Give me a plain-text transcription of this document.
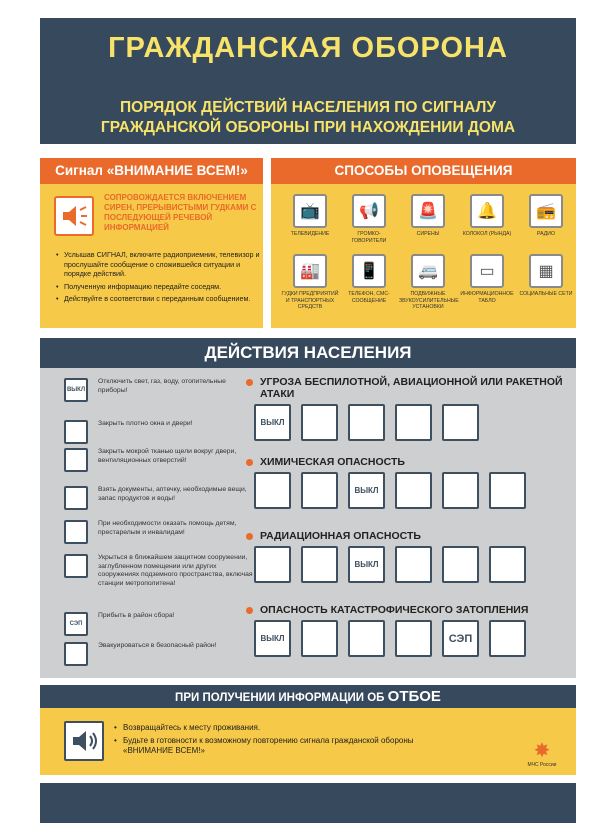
ГРАЖДАНСКАЯ ОБОРОНА
ПОРЯДОК ДЕЙСТВИЙ НАСЕЛЕНИЯ ПО СИГНАЛУ
ГРАЖДАНСКОЙ ОБОРОНЫ ПРИ НАХОЖДЕНИИ ДОМА
Сигнал «ВНИМАНИЕ ВСЕМ!»
СОПРОВОЖДАЕТСЯ ВКЛЮЧЕНИЕМ СИРЕН, ПРЕРЫВИСТЫМИ ГУДКАМИ С ПОСЛЕДУЮЩЕЙ РЕЧЕВОЙ ИНФОРМАЦИЕЙ
• Услышав СИГНАЛ, включите радиоприемник, телевизор и прослушайте сообщение о сложившейся ситуации и порядке действий.
• Полученную информацию передайте соседям.
• Действуйте в соответствии с переданным сообщением.
СПОСОБЫ ОПОВЕЩЕНИЯ
📺
ТЕЛЕВИДЕНИЕ
📢
ГРОМКО-ГОВОРИТЕЛИ
🚨
СИРЕНЫ
🔔
КОЛОКОЛ (РЫНДА)
📻
РАДИО
🏭
ГУДКИ ПРЕДПРИЯТИЙ И ТРАНСПОРТНЫХ СРЕДСТВ
📱
ТЕЛЕФОН, СМС-СООБЩЕНИЕ
🚐
ПОДВИЖНЫЕ ЗВУКОУСИЛИТЕЛЬНЫЕ УСТАНОВКИ
▭
ИНФОРМАЦИОННОЕ ТАБЛО
▦
СОЦИАЛЬНЫЕ СЕТИ
ДЕЙСТВИЯ НАСЕЛЕНИЯ
ВЫКЛ
Отключить свет, газ, воду, отопительные приборы!
Закрыть плотно окна и двери!
Закрыть мокрой тканью щели вокруг двери, вентиляционных отверстий!
Взять документы, аптечку, необходимые вещи, запас продуктов и воды!
При необходимости оказать помощь детям, престарелым и инвалидам!
Укрыться в ближайшем защитном сооружении, заглубленном помещении или других сооружениях подземного пространства, включая станции метрополитена!
СЭП
Прибыть в район сбора!
Эвакуироваться в безопасный район!
УГРОЗА БЕСПИЛОТНОЙ, АВИАЦИОННОЙ ИЛИ РАКЕТНОЙ АТАКИ
ВЫКЛ
ХИМИЧЕСКАЯ ОПАСНОСТЬ
ВЫКЛ
РАДИАЦИОННАЯ ОПАСНОСТЬ
ВЫКЛ
ОПАСНОСТЬ КАТАСТРОФИЧЕСКОГО ЗАТОПЛЕНИЯ
ВЫКЛ	СЭП
ПРИ ПОЛУЧЕНИИ ИНФОРМАЦИИ ОБ ОТБОЕ
• Возвращайтесь к месту проживания.
• Будьте в готовности к возможному повторению сигнала гражданской обороны «ВНИМАНИЕ ВСЕМ!»	✸
МЧС России
